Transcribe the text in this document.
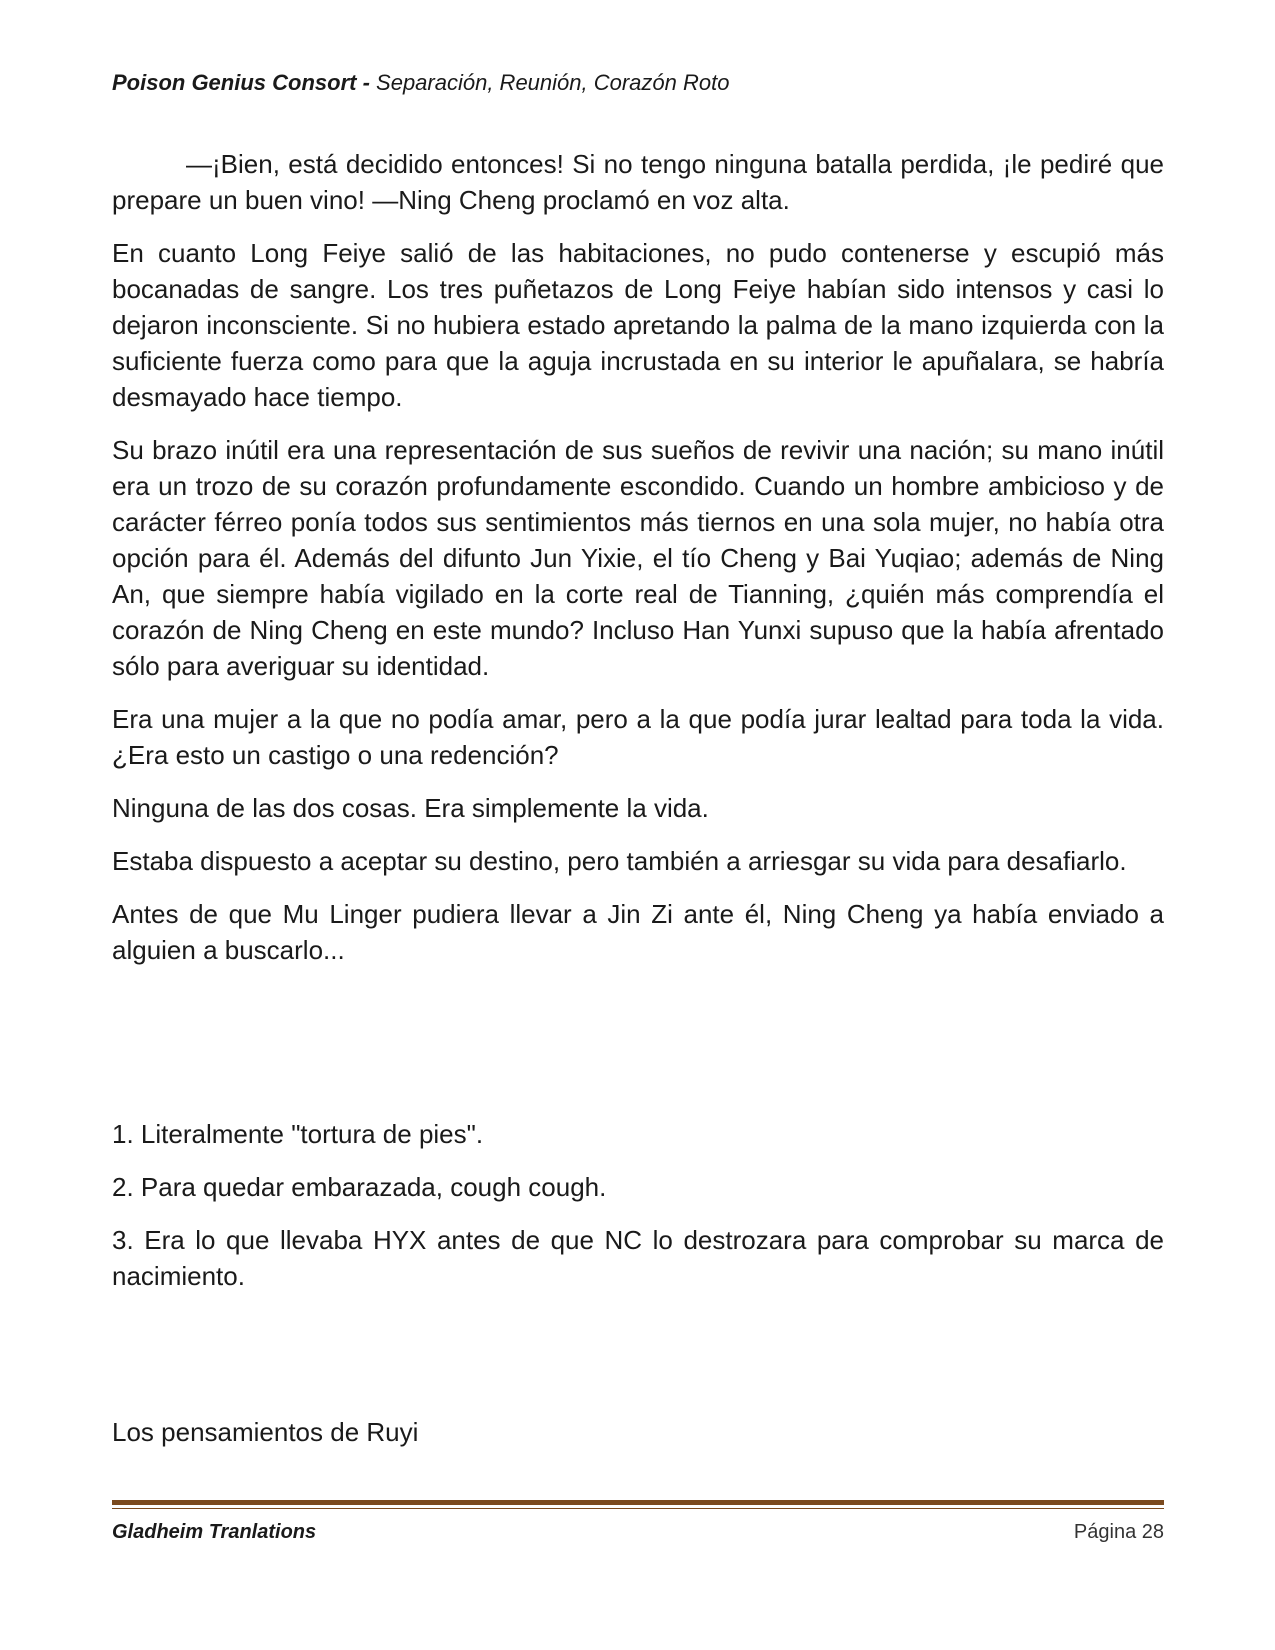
Poison Genius Consort - Separación, Reunión, Corazón Roto

—¡Bien, está decidido entonces! Si no tengo ninguna batalla perdida, ¡le pediré que prepare un buen vino! —Ning Cheng proclamó en voz alta.

En cuanto Long Feiye salió de las habitaciones, no pudo contenerse y escupió más bocanadas de sangre. Los tres puñetazos de Long Feiye habían sido intensos y casi lo dejaron inconsciente. Si no hubiera estado apretando la palma de la mano izquierda con la suficiente fuerza como para que la aguja incrustada en su interior le apuñalara, se habría desmayado hace tiempo.

Su brazo inútil era una representación de sus sueños de revivir una nación; su mano inútil era un trozo de su corazón profundamente escondido. Cuando un hombre ambicioso y de carácter férreo ponía todos sus sentimientos más tiernos en una sola mujer, no había otra opción para él. Además del difunto Jun Yixie, el tío Cheng y Bai Yuqiao; además de Ning An, que siempre había vigilado en la corte real de Tianning, ¿quién más comprendía el corazón de Ning Cheng en este mundo? Incluso Han Yunxi supuso que la había afrentado sólo para averiguar su identidad.

Era una mujer a la que no podía amar, pero a la que podía jurar lealtad para toda la vida. ¿Era esto un castigo o una redención?

Ninguna de las dos cosas. Era simplemente la vida.

Estaba dispuesto a aceptar su destino, pero también a arriesgar su vida para desafiarlo.

Antes de que Mu Linger pudiera llevar a Jin Zi ante él, Ning Cheng ya había enviado a alguien a buscarlo...

1. Literalmente "tortura de pies".

2. Para quedar embarazada, cough cough.

3. Era lo que llevaba HYX antes de que NC lo destrozara para comprobar su marca de nacimiento.

Los pensamientos de Ruyi
Gladheim Tranlations	Página 28
